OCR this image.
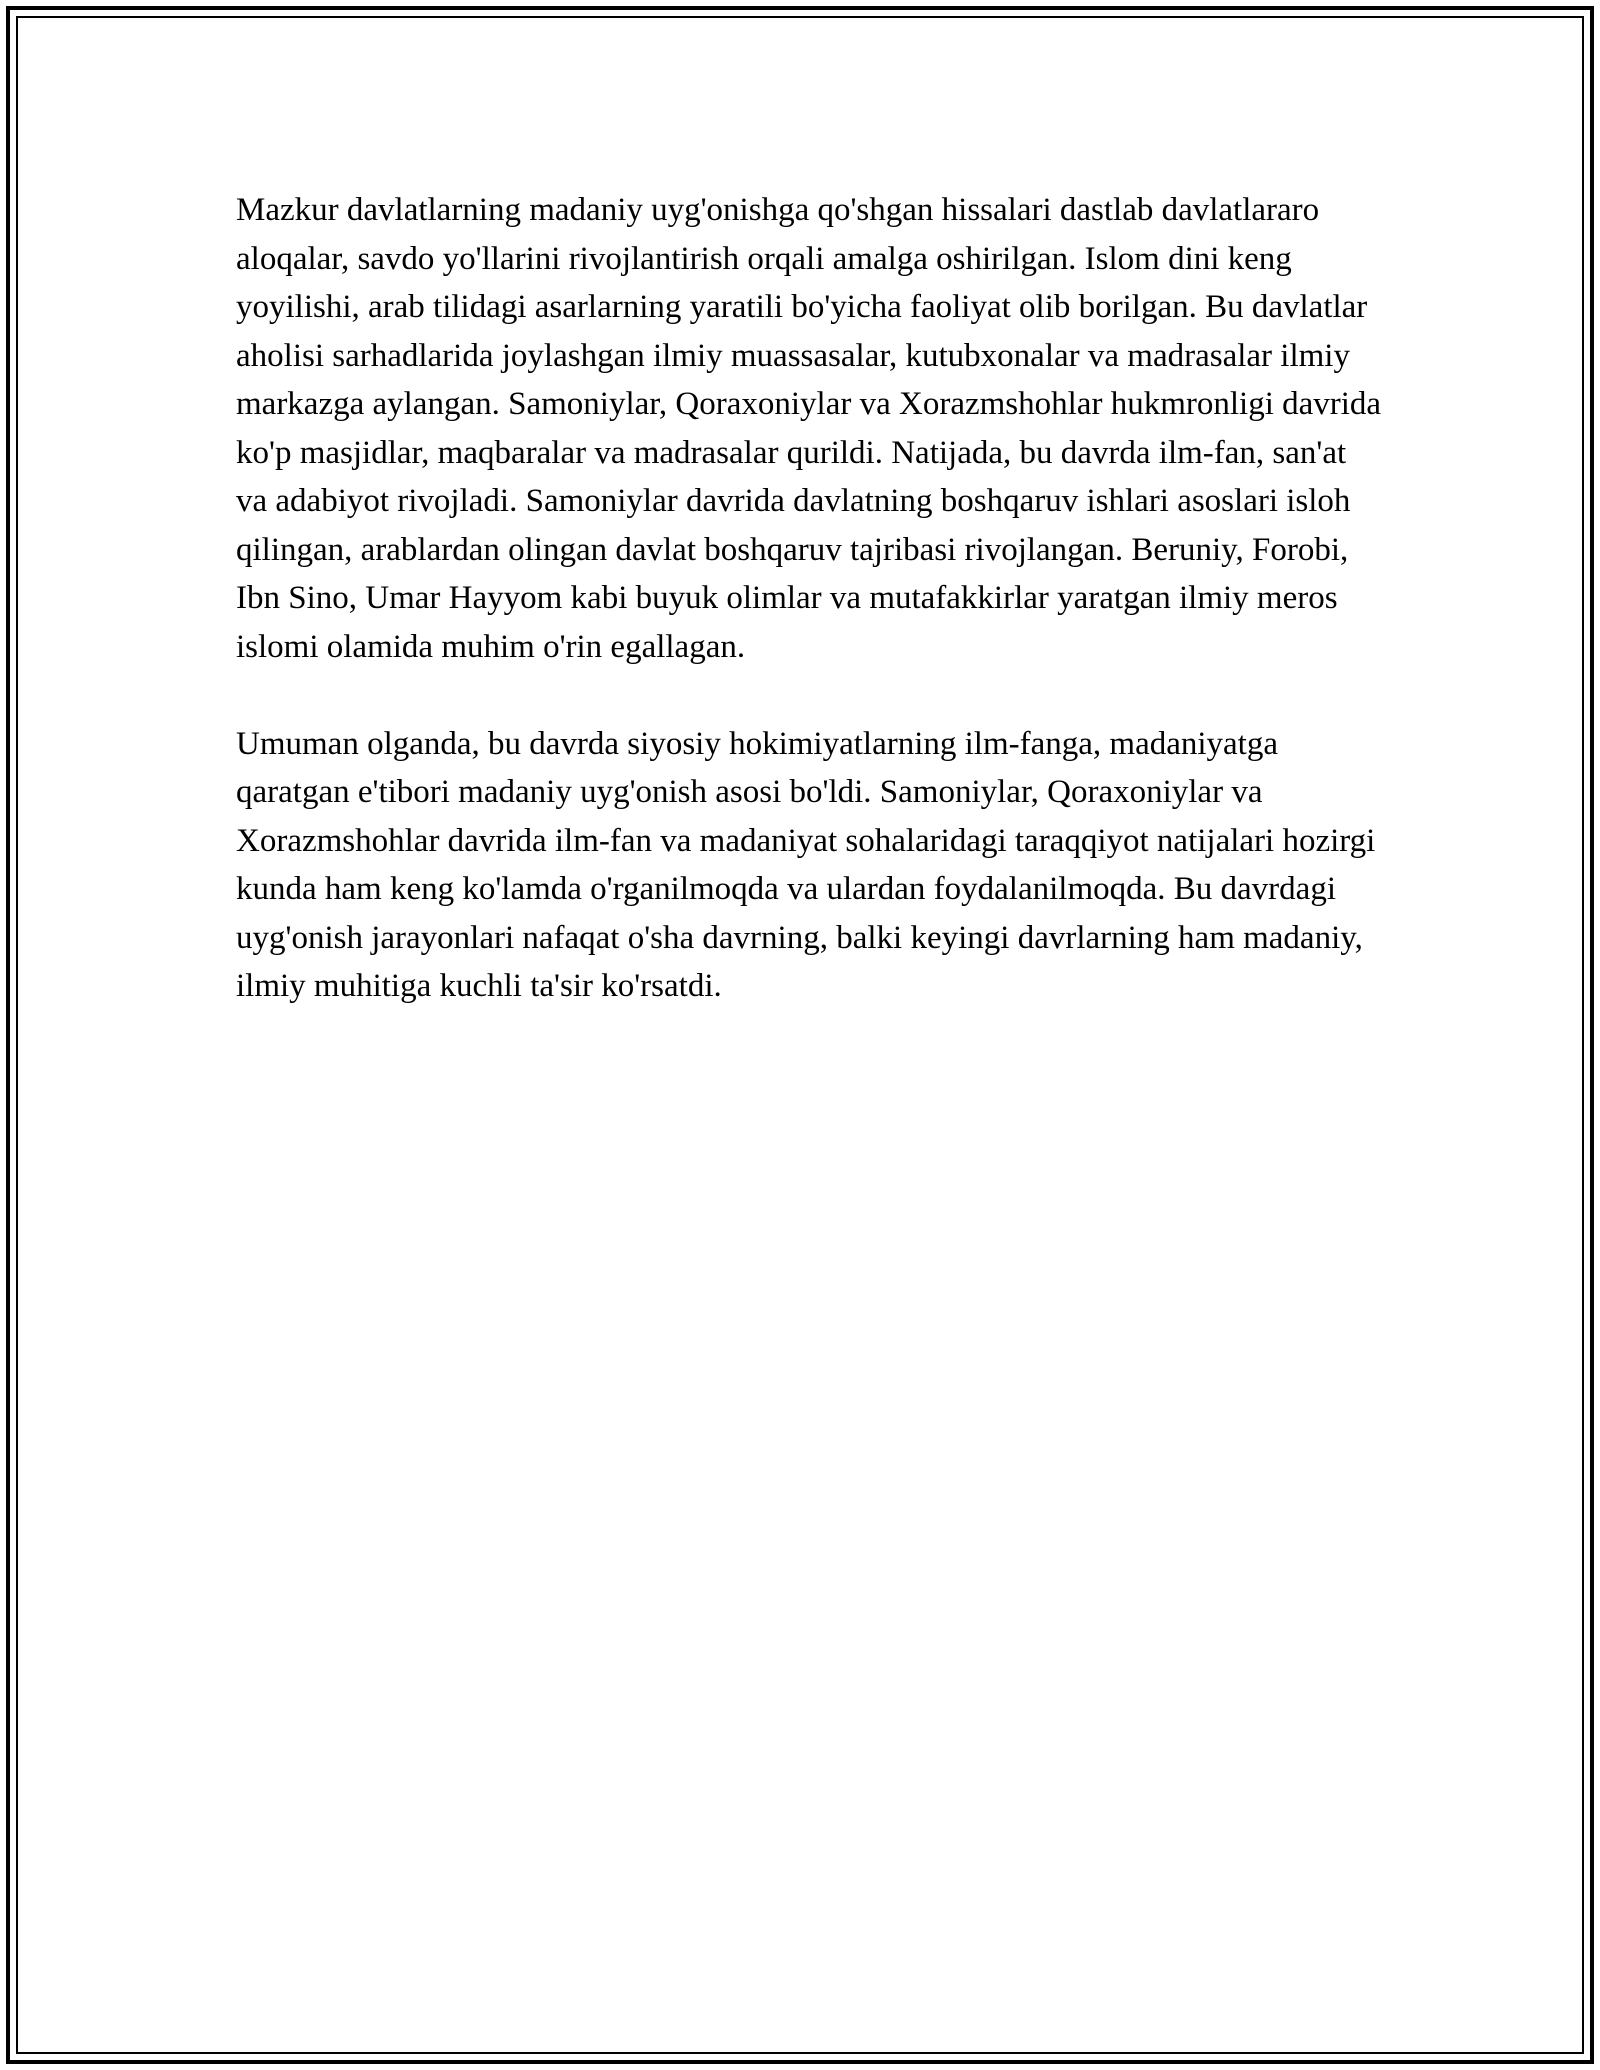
Mazkur davlatlarning madaniy uyg'onishga qo'shgan hissalari dastlab davlatlararo aloqalar, savdo yo'llarini rivojlantirish orqali amalga oshirilgan. Islom dini keng yoyilishi, arab tilidagi asarlarning yaratili bo'yicha faoliyat olib borilgan. Bu davlatlar aholisi sarhadlarida joylashgan ilmiy muassasalar, kutubxonalar va madrasalar ilmiy markazga aylangan. Samoniylar, Qoraxoniylar va Xorazmshohlar hukmronligi davrida ko'p masjidlar, maqbaralar va madrasalar qurildi. Natijada, bu davrda ilm-fan, san'at va adabiyot rivojladi. Samoniylar davrida davlatning boshqaruv ishlari asoslari isloh qilingan, arablardan olingan davlat boshqaruv tajribasi rivojlangan. Beruniy, Forobi, Ibn Sino, Umar Hayyom kabi buyuk olimlar va mutafakkirlar yaratgan ilmiy meros islomi olamida muhim o'rin egallagan.

Umuman olganda, bu davrda siyosiy hokimiyatlarning ilm-fanga, madaniyatga qaratgan e'tibori madaniy uyg'onish asosi bo'ldi. Samoniylar, Qoraxoniylar va Xorazmshohlar davrida ilm-fan va madaniyat sohalaridagi taraqqiyot natijalari hozirgi kunda ham keng ko'lamda o'rganilmoqda va ulardan foydalanilmoqda. Bu davrdagi uyg'onish jarayonlari nafaqat o'sha davrning, balki keyingi davrlarning ham madaniy, ilmiy muhitiga kuchli ta'sir ko'rsatdi.
